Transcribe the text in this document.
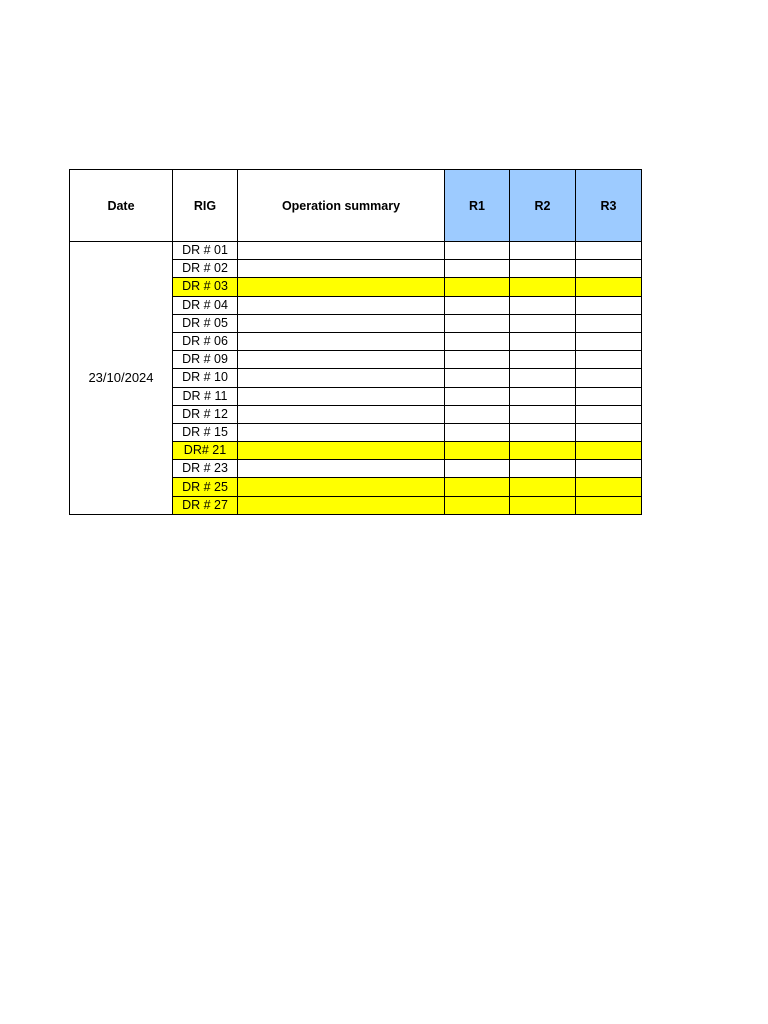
Date	RIG	Operation summary	R1	R2	R3
23/10/2024	DR # 01				
	DR # 02				
	DR # 03				
	DR # 04				
	DR # 05				
	DR # 06				
	DR # 09				
	DR # 10				
	DR # 11				
	DR # 12				
	DR # 15				
	DR# 21				
	DR # 23				
	DR # 25				
	DR # 27				
